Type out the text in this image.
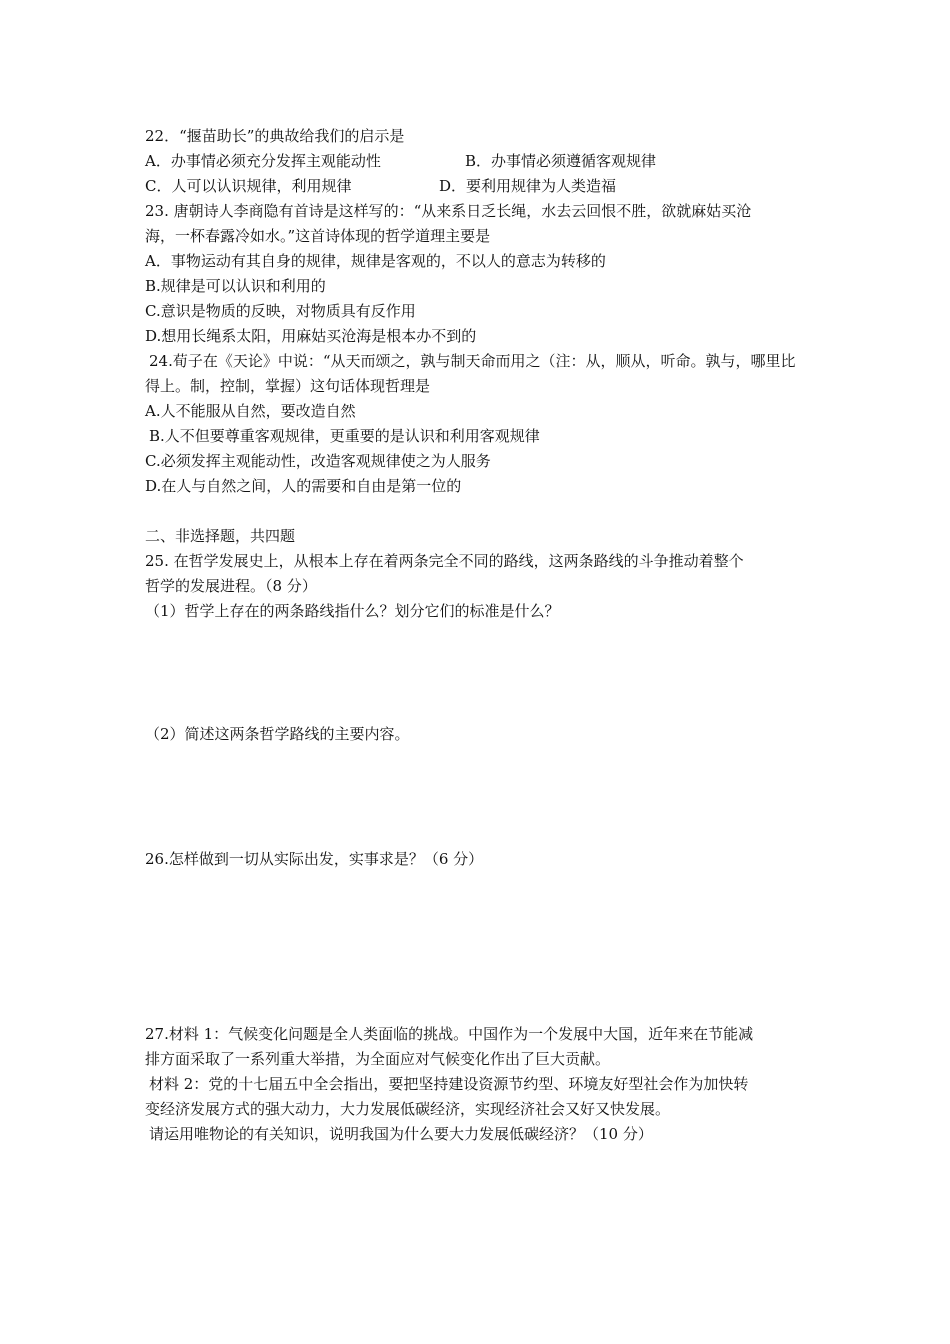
22．“揠苗助长”的典故给我们的启示是
A．办事情必须充分发挥主观能动性	B．办事情必须遵循客观规律
C．人可以认识规律，利用规律	D．要利用规律为人类造福
23. 唐朝诗人李商隐有首诗是这样写的：“从来系日乏长绳，水去云回恨不胜，欲就麻姑买沧
海，一杯春露冷如水。”这首诗体现的哲学道理主要是
A．事物运动有其自身的规律，规律是客观的，不以人的意志为转移的
B.规律是可以认识和利用的
C.意识是物质的反映，对物质具有反作用
D.想用长绳系太阳，用麻姑买沧海是根本办不到的
24.荀子在《天论》中说：“从天而颂之，孰与制天命而用之（注：从，顺从，听命。孰与，哪里比
得上。制，控制，掌握）这句话体现哲理是
A.人不能服从自然，要改造自然
B.人不但要尊重客观规律，更重要的是认识和利用客观规律
C.必须发挥主观能动性，改造客观规律使之为人服务
D.在人与自然之间，人的需要和自由是第一位的
二、非选择题，共四题
25. 在哲学发展史上，从根本上存在着两条完全不同的路线，这两条路线的斗争推动着整个
哲学的发展进程。（8 分）
（1）哲学上存在的两条路线指什么？划分它们的标准是什么？
（2）简述这两条哲学路线的主要内容。
26.怎样做到一切从实际出发，实事求是？（6 分）
27.材料 1：气候变化问题是全人类面临的挑战。中国作为一个发展中大国，近年来在节能减
排方面采取了一系列重大举措，为全面应对气候变化作出了巨大贡献。
材料 2：党的十七届五中全会指出，要把坚持建设资源节约型、环境友好型社会作为加快转
变经济发展方式的强大动力，大力发展低碳经济，实现经济社会又好又快发展。
请运用唯物论的有关知识，说明我国为什么要大力发展低碳经济？（10 分）
